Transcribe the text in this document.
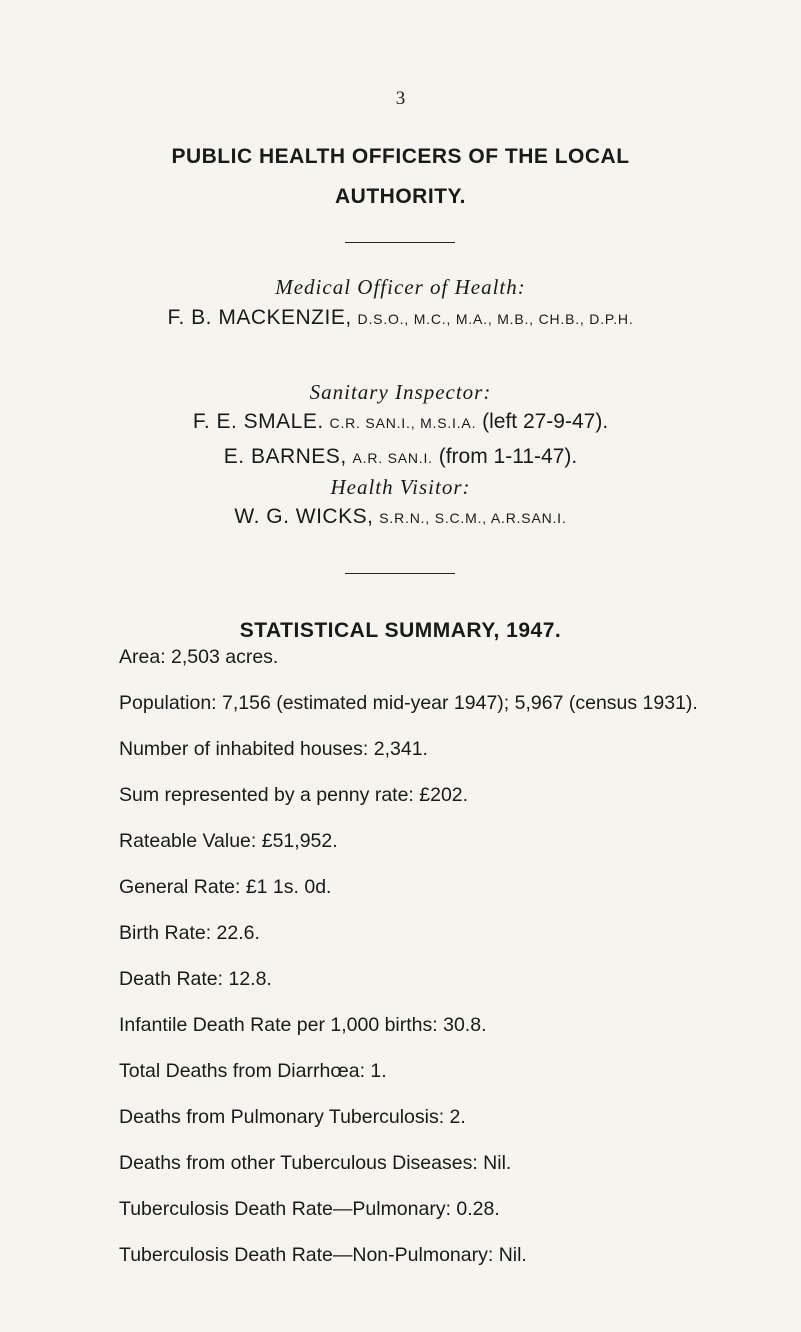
3
PUBLIC HEALTH OFFICERS OF THE LOCAL
AUTHORITY.
Medical Officer of Health:
F. B. MACKENZIE, D.S.O., M.C., M.A., M.B., CH.B., D.P.H.
Sanitary Inspector:
F. E. SMALE. C.R. SAN.I., M.S.I.A. (left 27-9-47).
E. BARNES, A.R. SAN.I. (from 1-11-47).
Health Visitor:
W. G. WICKS, S.R.N., S.C.M., A.R.SAN.I.
STATISTICAL SUMMARY, 1947.
Area: 2,503 acres.
Population: 7,156 (estimated mid-year 1947); 5,967 (census 1931).
Number of inhabited houses: 2,341.
Sum represented by a penny rate: £202.
Rateable Value: £51,952.
General Rate: £1 1s. 0d.
Birth Rate: 22.6.
Death Rate: 12.8.
Infantile Death Rate per 1,000 births: 30.8.
Total Deaths from Diarrhœa: 1.
Deaths from Pulmonary Tuberculosis: 2.
Deaths from other Tuberculous Diseases: Nil.
Tuberculosis Death Rate—Pulmonary: 0.28.
Tuberculosis Death Rate—Non-Pulmonary: Nil.
